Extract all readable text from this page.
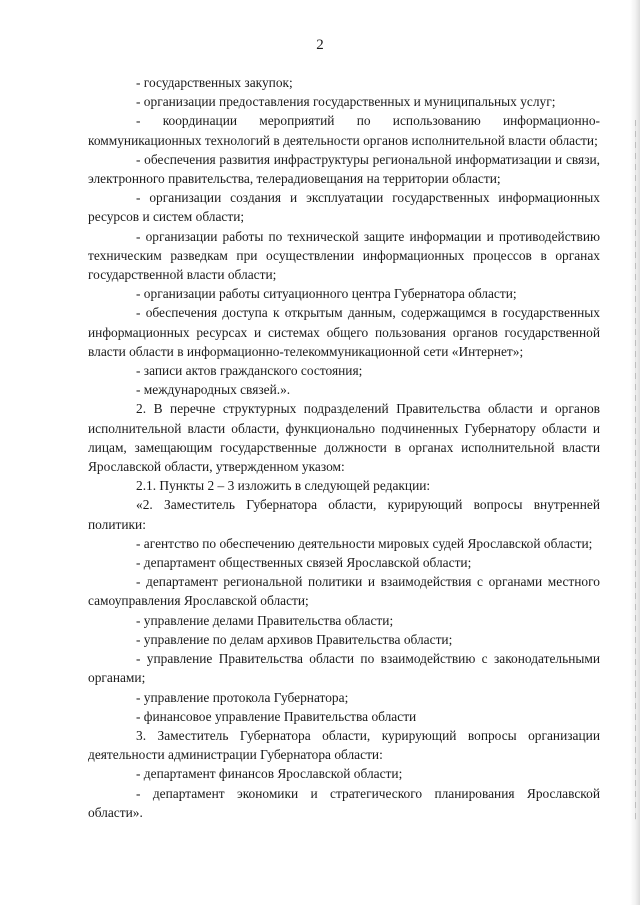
2

- государственных закупок;

- организации предоставления государственных и муниципальных услуг;

- координации мероприятий по использованию информационно-коммуникационных технологий в деятельности органов исполнительной власти области;

- обеспечения развития инфраструктуры региональной информатизации и связи, электронного правительства, телерадиовещания на территории области;

- организации создания и эксплуатации государственных информационных ресурсов и систем области;

- организации работы по технической защите информации и противодействию техническим разведкам при осуществлении информационных процессов в органах государственной власти области;

- организации работы ситуационного центра Губернатора области;

- обеспечения доступа к открытым данным, содержащимся в государственных информационных ресурсах и системах общего пользования органов государственной власти области в информационно-телекоммуникационной сети «Интернет»;

- записи актов гражданского состояния;

- международных связей.».

2. В перечне структурных подразделений Правительства области и органов исполнительной власти области, функционально подчиненных Губернатору области и лицам, замещающим государственные должности в органах исполнительной власти Ярославской области, утвержденном указом:

2.1. Пункты 2 – 3 изложить в следующей редакции:

«2. Заместитель Губернатора области, курирующий вопросы внутренней политики:

- агентство по обеспечению деятельности мировых судей Ярославской области;

- департамент общественных связей Ярославской области;

- департамент региональной политики и взаимодействия с органами местного самоуправления Ярославской области;

- управление делами Правительства области;

- управление по делам архивов Правительства области;

- управление Правительства области по взаимодействию с законодательными органами;

- управление протокола Губернатора;

- финансовое управление Правительства области

3. Заместитель Губернатора области, курирующий вопросы организации деятельности администрации Губернатора области:

- департамент финансов Ярославской области;

- департамент экономики и стратегического планирования Ярославской области».
